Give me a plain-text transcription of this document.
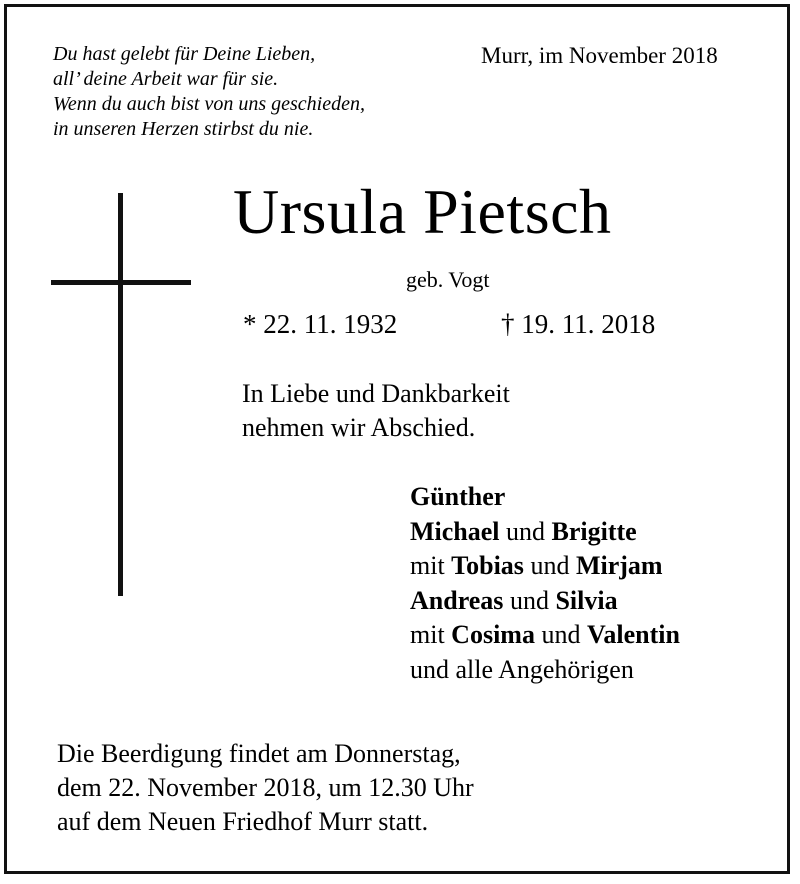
Du hast gelebt für Deine Lieben,
all’ deine Arbeit war für sie.
Wenn du auch bist von uns geschieden,
in unseren Herzen stirbst du nie.
Murr, im November 2018
Ursula Pietsch
geb. Vogt
* 22. 11. 1932	† 19. 11. 2018
In Liebe und Dankbarkeit
nehmen wir Abschied.
Günther
Michael und Brigitte
mit Tobias und Mirjam
Andreas und Silvia
mit Cosima und Valentin
und alle Angehörigen
Die Beerdigung findet am Donnerstag,
dem 22. November 2018, um 12.30 Uhr
auf dem Neuen Friedhof Murr statt.
